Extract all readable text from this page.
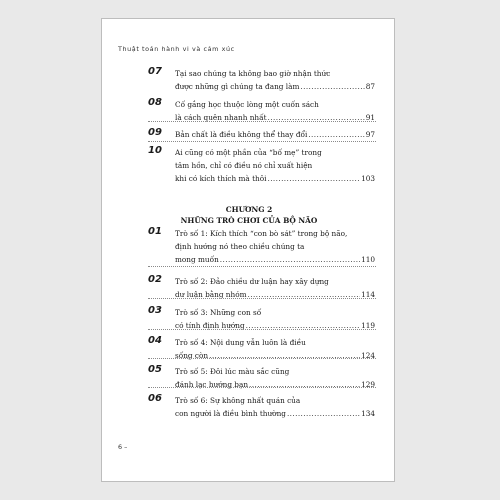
Thuật toán hành vi và cảm xúc
07 Tại sao chúng ta không bao giờ nhận thức
được những gì chúng ta đang làm .....	87
08 Cố gắng học thuộc lòng một cuốn sách
là cách quên nhanh nhất .....	91
09 Bản chất là điều không thể thay đổi .....	97
10 Ai cũng có một phần của “bố mẹ” trong
tâm hồn, chỉ có điều nó chỉ xuất hiện
khi có kích thích mà thôi .....	103
CHƯƠNG 2
NHỮNG TRÒ CHƠI CỦA BỘ NÃO
01 Trò số 1: Kích thích “con bò sát” trong bộ não,
định hướng nó theo chiều chúng ta
mong muốn .....	110
02 Trò số 2: Đảo chiều dư luận hay xây dựng
dư luận bằng nhóm .....	114
03 Trò số 3: Những con số
có tính định hướng .....	119
04 Trò số 4: Nội dung vẫn luôn là điều
sống còn .....	124
05 Trò số 5: Đôi lúc màu sắc cũng
đánh lạc hướng bạn .....	129
06 Trò số 6: Sự không nhất quán của
con người là điều bình thường .....	134
6 –
